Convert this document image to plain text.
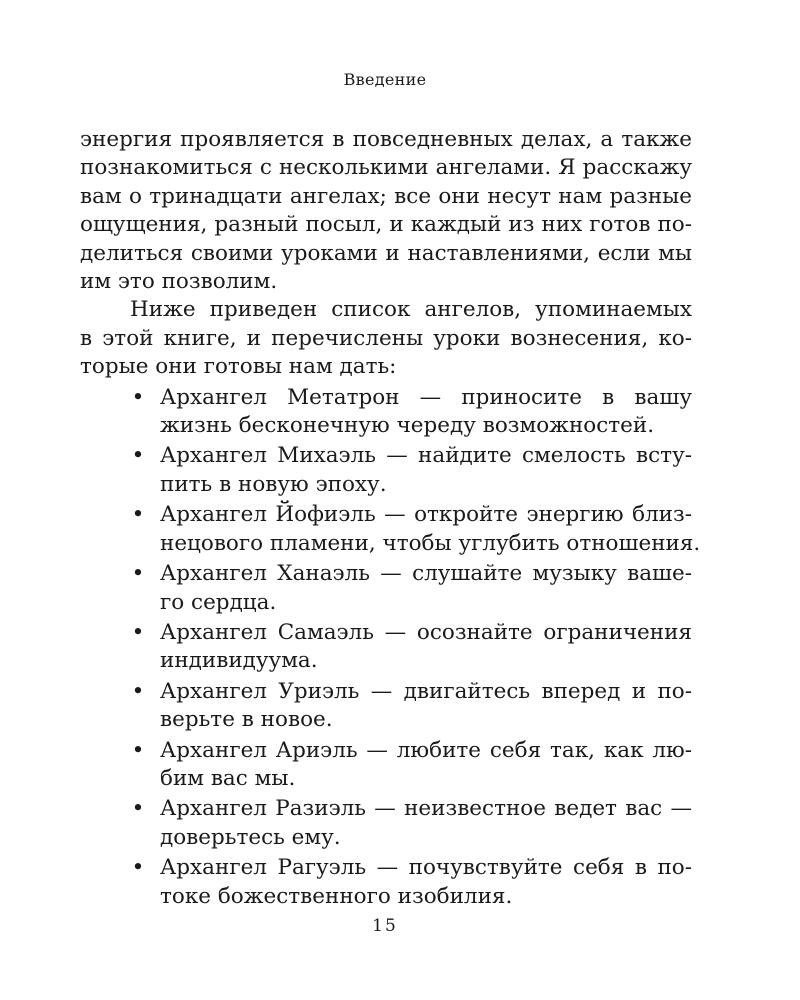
Введение

энергия проявляется в повседневных делах, а также
познакомиться с несколькими ангелами. Я расскажу
вам о тринадцати ангелах; все они несут нам разные
ощущения, разный посыл, и каждый из них готов по-
делиться своими уроками и наставлениями, если мы
им это позволим.

Ниже приведен список ангелов, упоминаемых
в этой книге, и перечислены уроки вознесения, ко-
торые они готовы нам дать:

• Архангел Метатрон — приносите в вашу
жизнь бесконечную череду возможностей.
• Архангел Михаэль — найдите смелость всту-
пить в новую эпоху.
• Архангел Йофиэль — откройте энергию близ-
нецового пламени, чтобы углубить отношения.
• Архангел Ханаэль — слушайте музыку ваше-
го сердца.
• Архангел Самаэль — осознайте ограничения
индивидуума.
• Архангел Уриэль — двигайтесь вперед и по-
верьте в новое.
• Архангел Ариэль — любите себя так, как лю-
бим вас мы.
• Архангел Разиэль — неизвестное ведет вас —
доверьтесь ему.
• Архангел Рагуэль — почувствуйте себя в по-
токе божественного изобилия.
15
